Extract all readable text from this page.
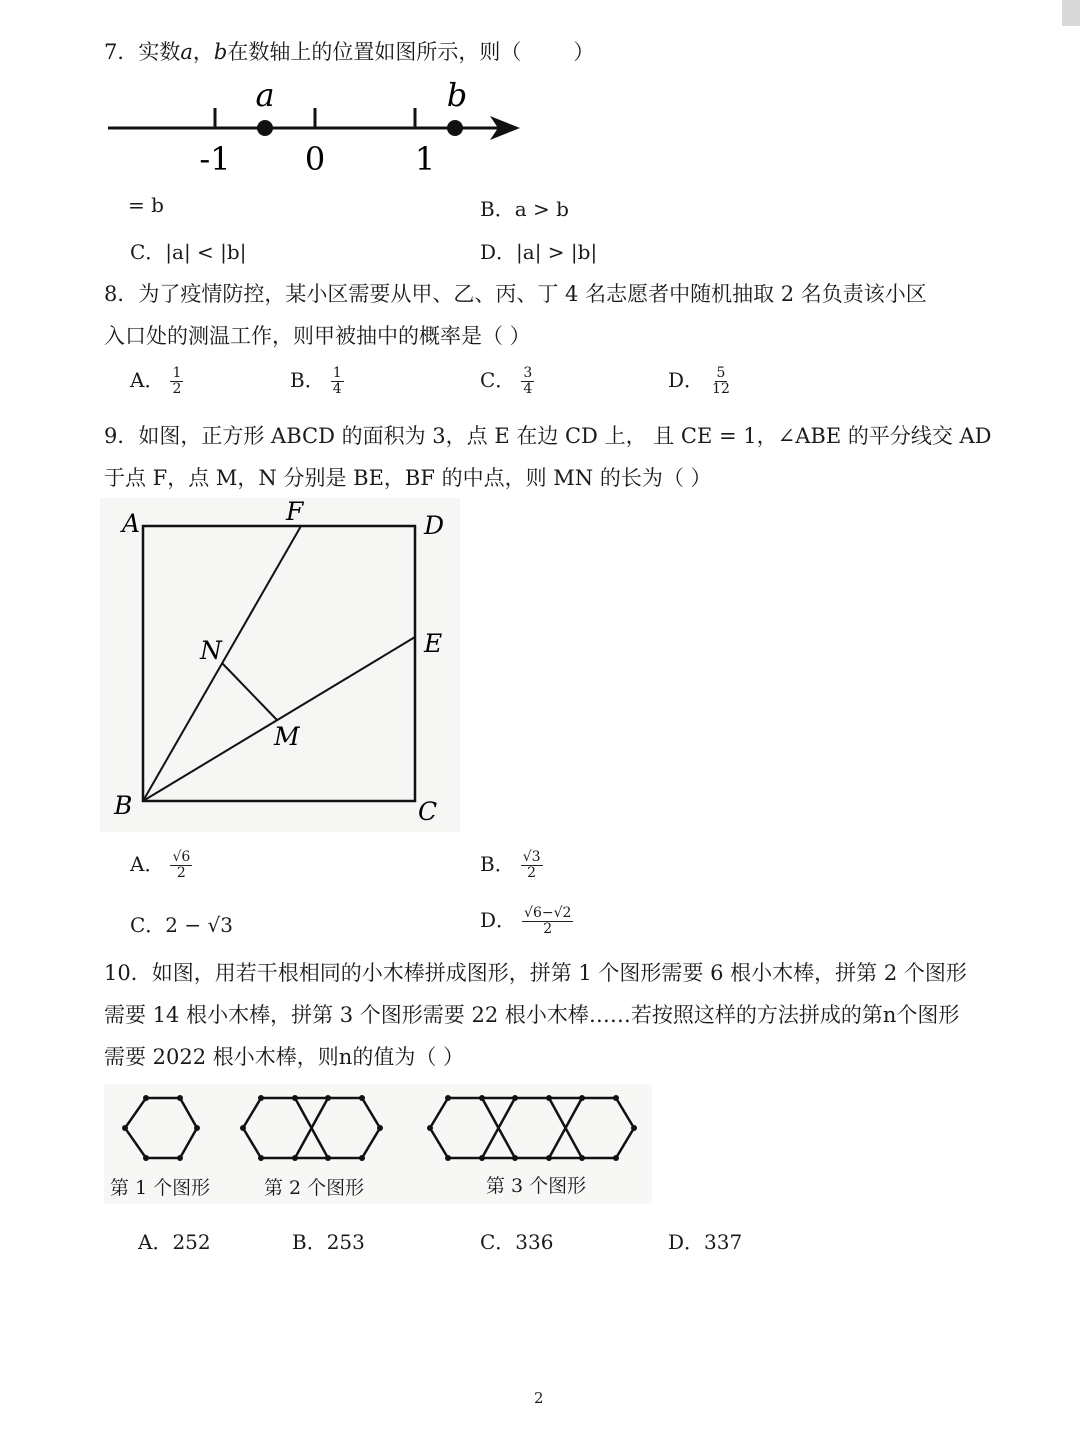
7．实数a，b在数轴上的位置如图所示，则（ ）
a	b
-1 0	1
= b	B．a > b
C．|a| < |b|	D．|a| > |b|
8．为了疫情防控，某小区需要从甲、乙、丙、丁 4 名志愿者中随机抽取 2 名负责该小区
入口处的测温工作，则甲被抽中的概率是（ ）
A． $\frac{1}{2}$	B． $\frac{1}{4}$	C． $\frac{3}{4}$	D． $\frac{5}{12}$
9．如图，正方形 ABCD 的面积为 3，点 E 在边 CD 上， 且 CE = 1，∠ABE 的平分线交 AD
于点 F，点 M，N 分别是 BE，BF 的中点，则 MN 的长为（ ）
A	F	D
E
N
M
B	C
A． $\frac{√6}{2}$	B． $\frac{√3}{2}$
C．2 − √3	D． $\frac{√6-√2}{2}$
10．如图，用若干根相同的小木棒拼成图形，拼第 1 个图形需要 6 根小木棒，拼第 2 个图形
需要 14 根小木棒，拼第 3 个图形需要 22 根小木棒……若按照这样的方法拼成的第n个图形
需要 2022 根小木棒，则n的值为（ ）
第 1 个图形	第 2 个图形	第 3 个图形
A．252	B．253	C．336	D．337
2
